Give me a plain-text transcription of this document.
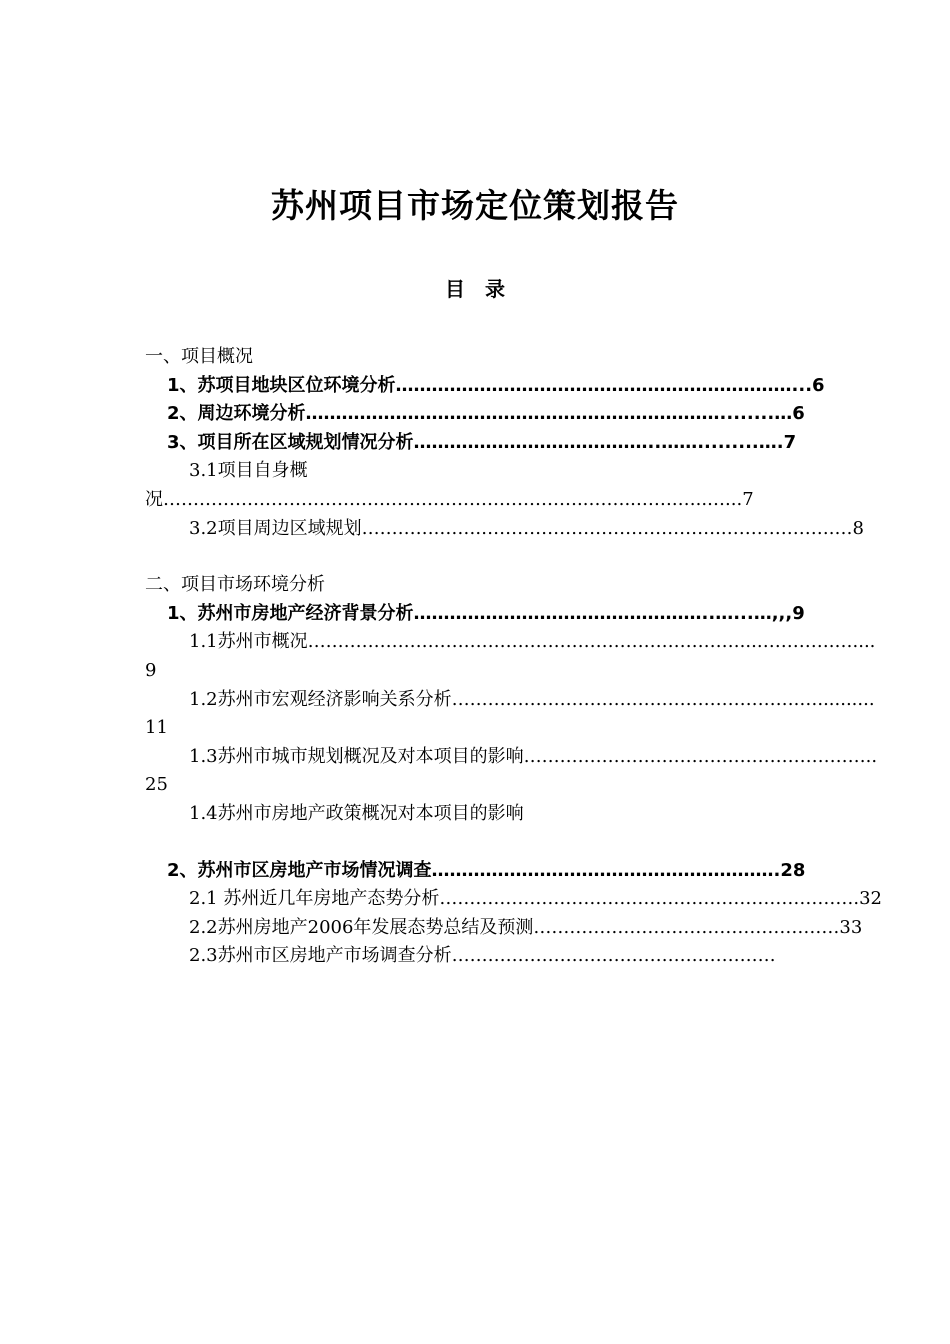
苏州项目市场定位策划报告
目　录

一、项目概况

1、苏项目地块区位环境分析…………………………………………………………...6

2、周边环境分析……………………………………………………………........…6

3、项目所在区域规划情况分析…………………………………..…….........….7

3.1项目自身概况……………………………………………………………..……..…….…..…...7

3.2项目周边区域规划………….…….………………………………….……………….…8

二、项目市场环境分析

1、苏州市房地产经济背景分析…………………………………………..…...…,,,9

1.1苏州市概况………………………………………………………………...………….…....9

1.2苏州市宏观经济影响关系分析………………………………………………….…..........11

1.3苏州市城市规划概况及对本项目的影响…………………………………………………..25

1.4苏州市房地产政策概况对本项目的影响

2、苏州市区房地产市场情况调查………………………………………………….28

2.1 苏州近几年房地产态势分析…………………………………………………………….32

2.2苏州房地产2006年发展态势总结及预测……………………………………………33

2.3苏州市区房地产市场调查分析………………………………………………
